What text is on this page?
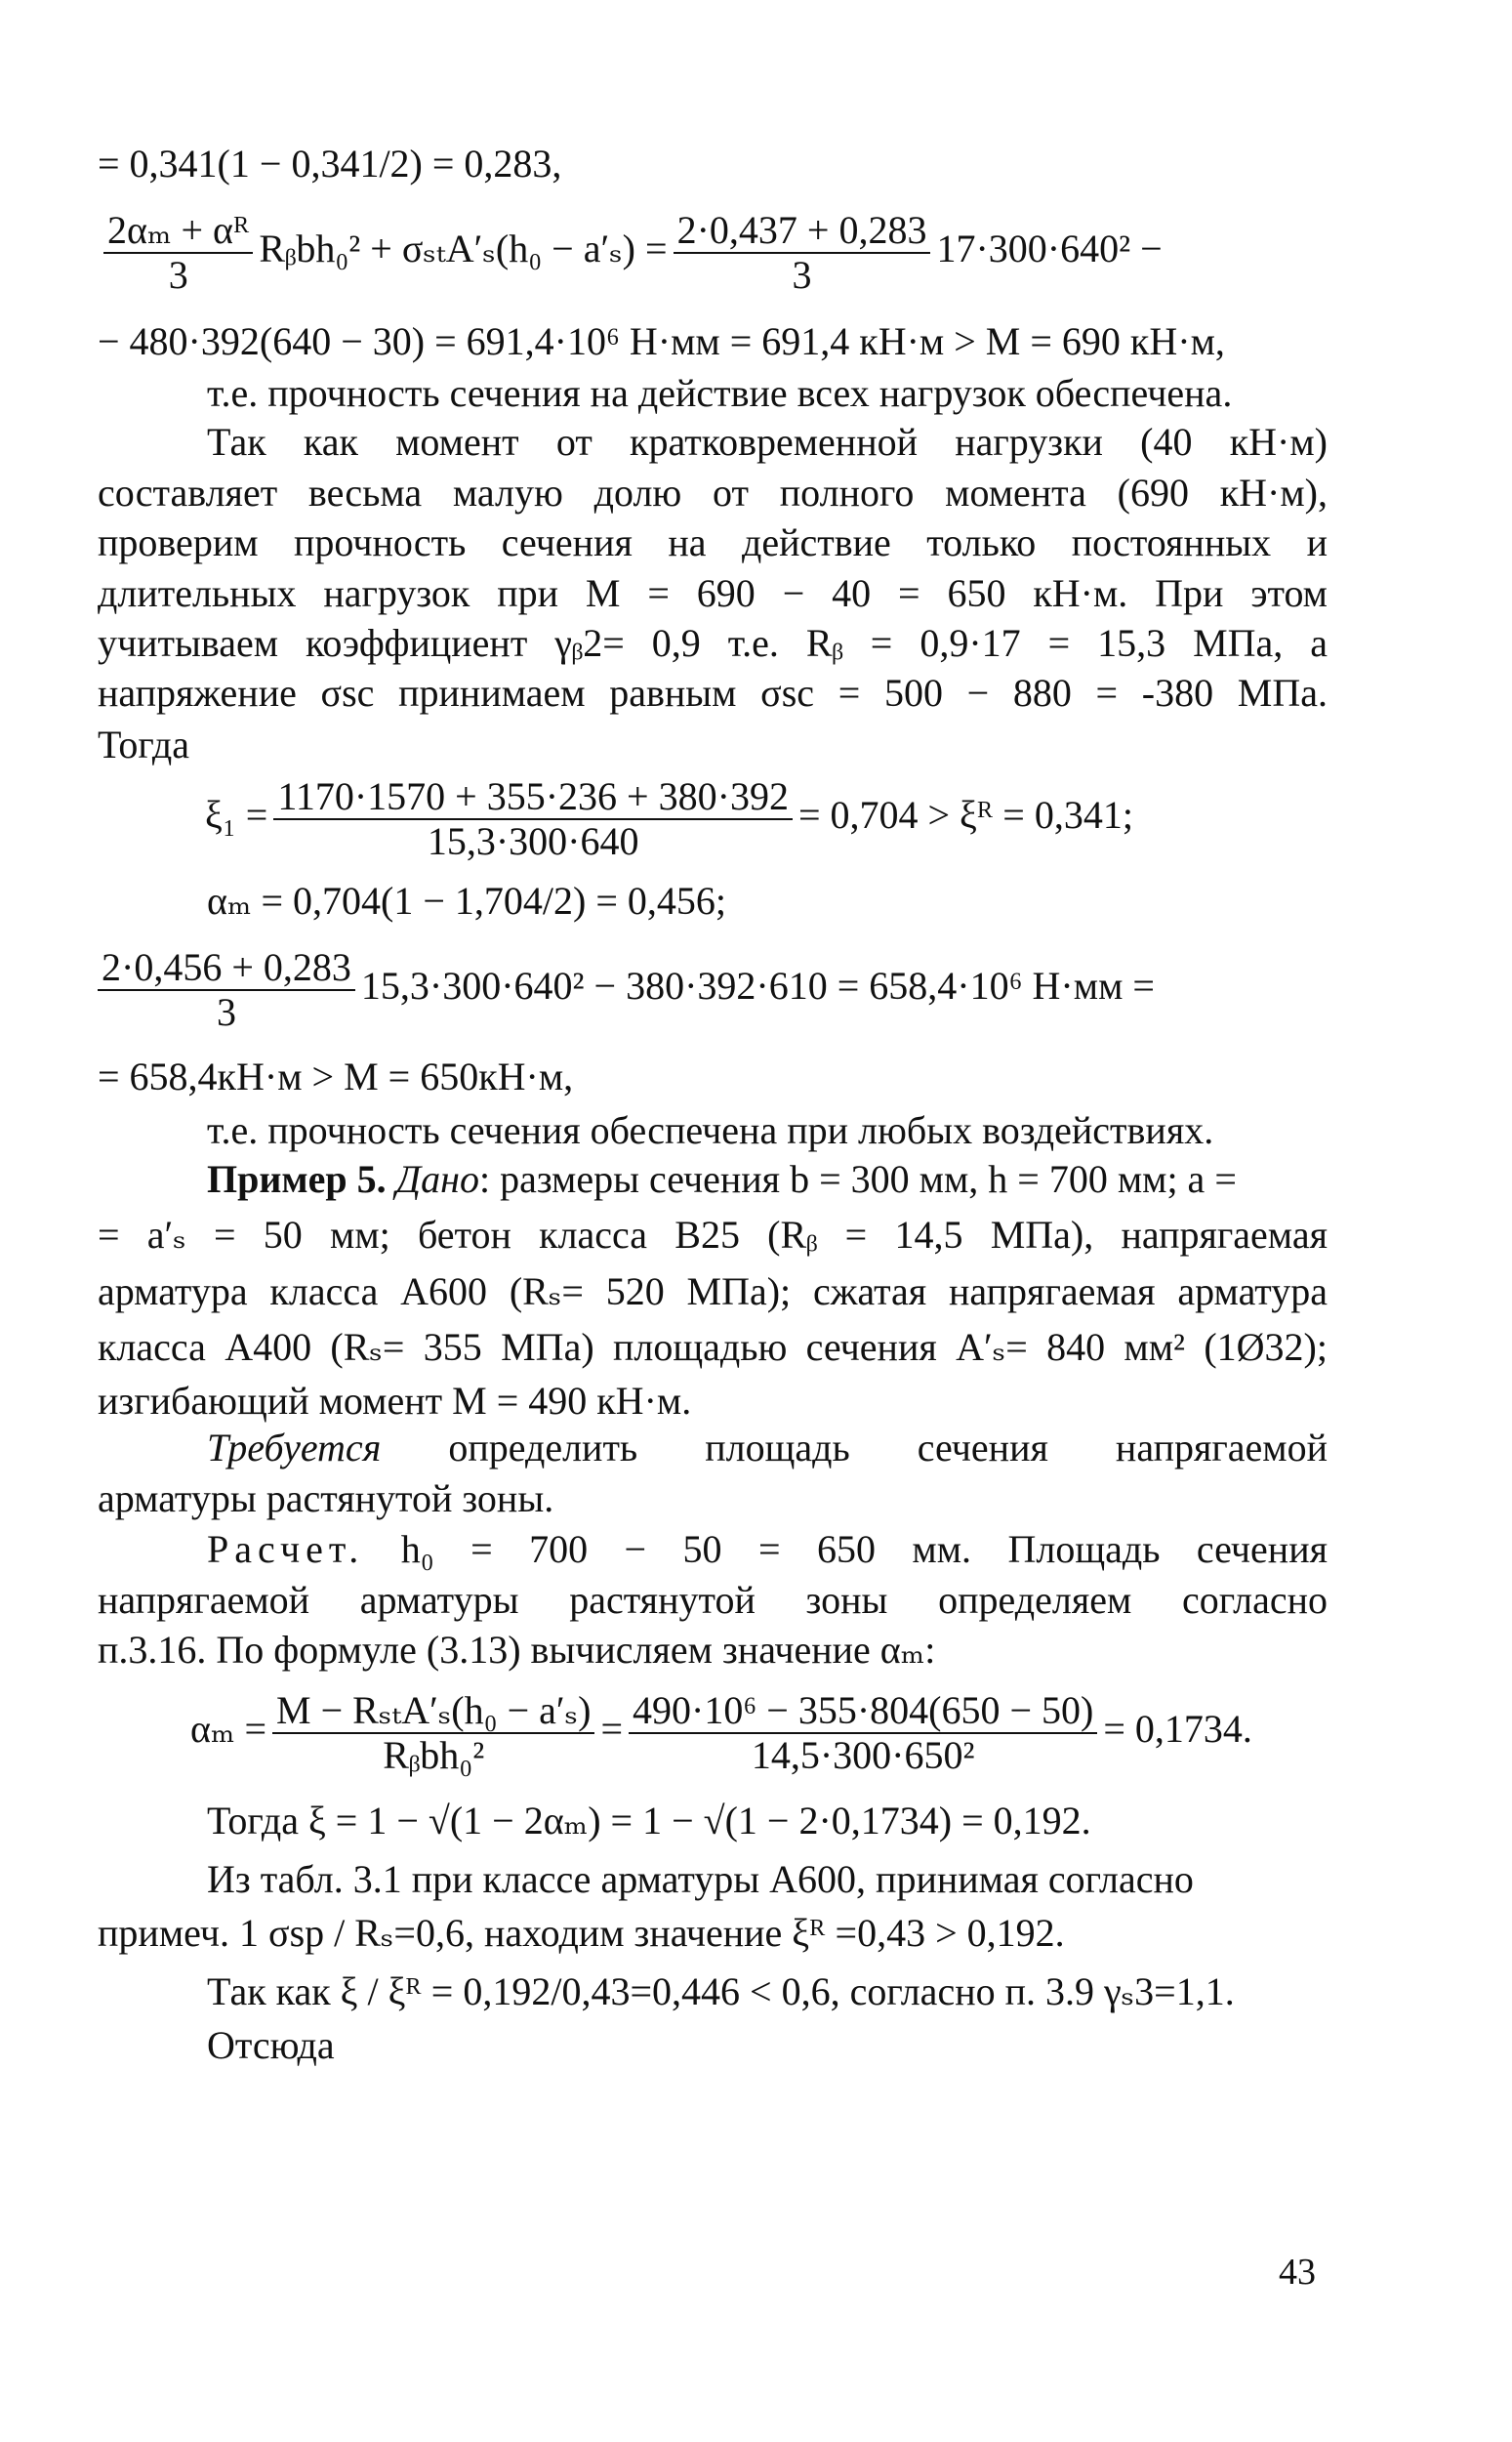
= 0,341(1 − 0,341/2) = 0,283,
$\frac{\text{2αₘ + αᴿ}}{3}$ Rᵦbh₀² + $\sigma_{st}A'_s(h_0 - a'_s) = \frac{2\cdot 0,437 + 0,283}{3} 17\cdot 300\cdot 640^2$ −
− 480·392(640 − 30) = 691,4·10⁶ Н·мм = 691,4 кН·м > M = 690 кН·м,
т.е. прочность сечения на действие всех нагрузок обеспечена.
Так как момент от кратковременной нагрузки (40 кН·м)
составляет весьма малую долю от полного момента (690 кН·м),
проверим прочность сечения на действие только постоянных и
длительных нагрузок при M = 690 − 40 = 650 кН·м. При этом
учитываем коэффициент γᵦ2= 0,9 т.е. Rᵦ = 0,9·17 = 15,3 МПа, а
напряжение σsc принимаем равным σsc = 500 − 880 = -380 МПа.
Тогда
$\xi_1 = \frac{1170\cdot 1570 + 355\cdot 236 + 380\cdot 392}{15,3\cdot 300\cdot 640} = 0,704$ > ξᴿ = 0,341;
αₘ = 0,704(1 − 1,704/2) = 0,456;
$\frac{2\cdot 0,456 + 0,283}{3} 15,3\cdot 300\cdot 640^2 - 380\cdot 392\cdot 610 = 658,4\cdot 10^6$ Н·мм =
= 658,4кН·м > M = 650кН·м,
т.е. прочность сечения обеспечена при любых воздействиях.
Пример 5. Дано: размеры сечения b = 300 мм, h = 700 мм; a =
= a′ₛ = 50 мм; бетон класса В25 (Rᵦ = 14,5 МПа), напрягаемая
арматура класса А600 (Rₛ= 520 МПа); сжатая напрягаемая арматура
класса А400 (Rₛ= 355 МПа) площадью сечения A′ₛ= 840 мм² (1Ø32);
изгибающий момент M = 490 кН·м.
Требуется определить площадь сечения напрягаемой
арматуры растянутой зоны.
Расчет. h₀ = 700 − 50 = 650 мм. Площадь сечения
напрягаемой арматуры растянутой зоны определяем согласно
п.3.16. По формуле (3.13) вычисляем значение αₘ:
$\alpha_m = \frac{\text{M − RₛₜA′ₛ(h₀ − a′ₛ)}}{\text{Rᵦbh₀²}} = \frac{\text{490·10⁶ − 355·804(650 − 50)}}{\text{14,5·300·650²}} = 0,1734$.
Тогда ξ = 1 − √(1 − 2αₘ) = 1 − √(1 − 2·0,1734) = 0,192.
Из табл. 3.1 при классе арматуры А600, принимая согласно
примеч. 1 σsp / Rₛ=0,6, находим значение ξᴿ =0,43 > 0,192.
Так как ξ / ξᴿ = 0,192/0,43=0,446 < 0,6, согласно п. 3.9 γₛ3=1,1.
Отсюда
43
